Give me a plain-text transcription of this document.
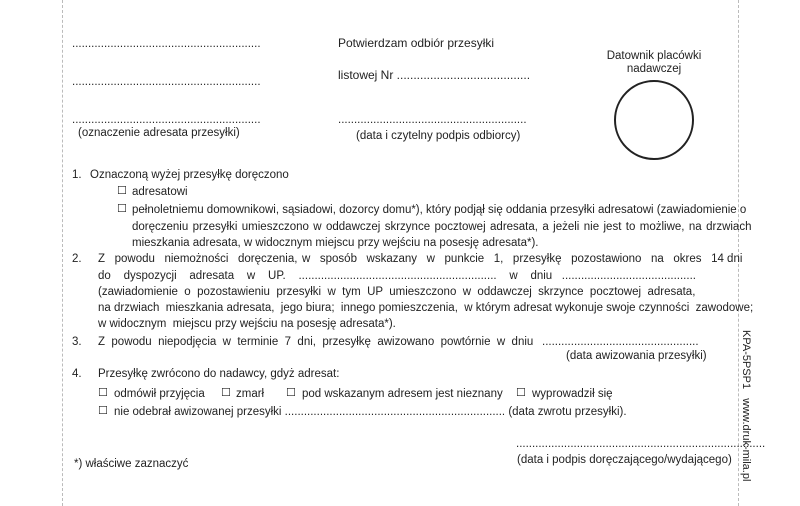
...........................................................
...........................................................
...........................................................
(oznaczenie adresata przesyłki)
Potwierdzam odbiór przesyłki
listowej Nr ........................................
...........................................................
(data i czytelny podpis odbiorcy)
Datownik placówki
nadawczej
1. Oznaczoną wyżej przesyłkę doręczono
☐ adresatowi
☐ pełnoletniemu domownikowi, sąsiadowi, dozorcy domu*), który podjął się oddania przesyłki adresatowi (zawiadomienie o
doręczeniu przesyłki umieszczono w oddawczej skrzynce pocztowej adresata, a jeżeli nie jest to możliwe, na drzwiach
mieszkania adresata, w widocznym miejscu przy wejściu na posesję adresata*).
2. Z   powodu   niemożności   doręczenia, w   sposób   wskazany   w   punkcie   1,   przesyłkę   pozostawiono   na   okres   14 dni
do    dyspozycji    adresata    w    UP.    ..............................................................    w    dniu   ..........................................
(zawiadomienie  o  pozostawieniu  przesyłki  w  tym  UP  umieszczono  w  oddawczej  skrzynce  pocztowej  adresata,
na drzwiach  mieszkania adresata,  jego biura;  innego pomieszczenia,  w którym adresat wykonuje swoje czynności  zawodowe;
w widocznym  miejscu przy wejściu na posesję adresata*).
3. Z  powodu  niepodjęcia  w  terminie  7  dni,  przesyłkę  awizowano  powtórnie  w  dniu .................................................
(data awizowania przesyłki)
4. Przesyłkę zwrócono do nadawcy, gdyż adresat:
☐ odmówił przyjęcia ☐ zmarł ☐ pod wskazanym adresem jest nieznany ☐ wyprowadził się
☐ nie odebrał awizowanej przesyłki ..................................................................... (data zwrotu przesyłki).
*) właściwe zaznaczyć
..............................................................................
(data i podpis doręczającego/wydającego) KPA-5PSP1   www.druk-mila.pl
